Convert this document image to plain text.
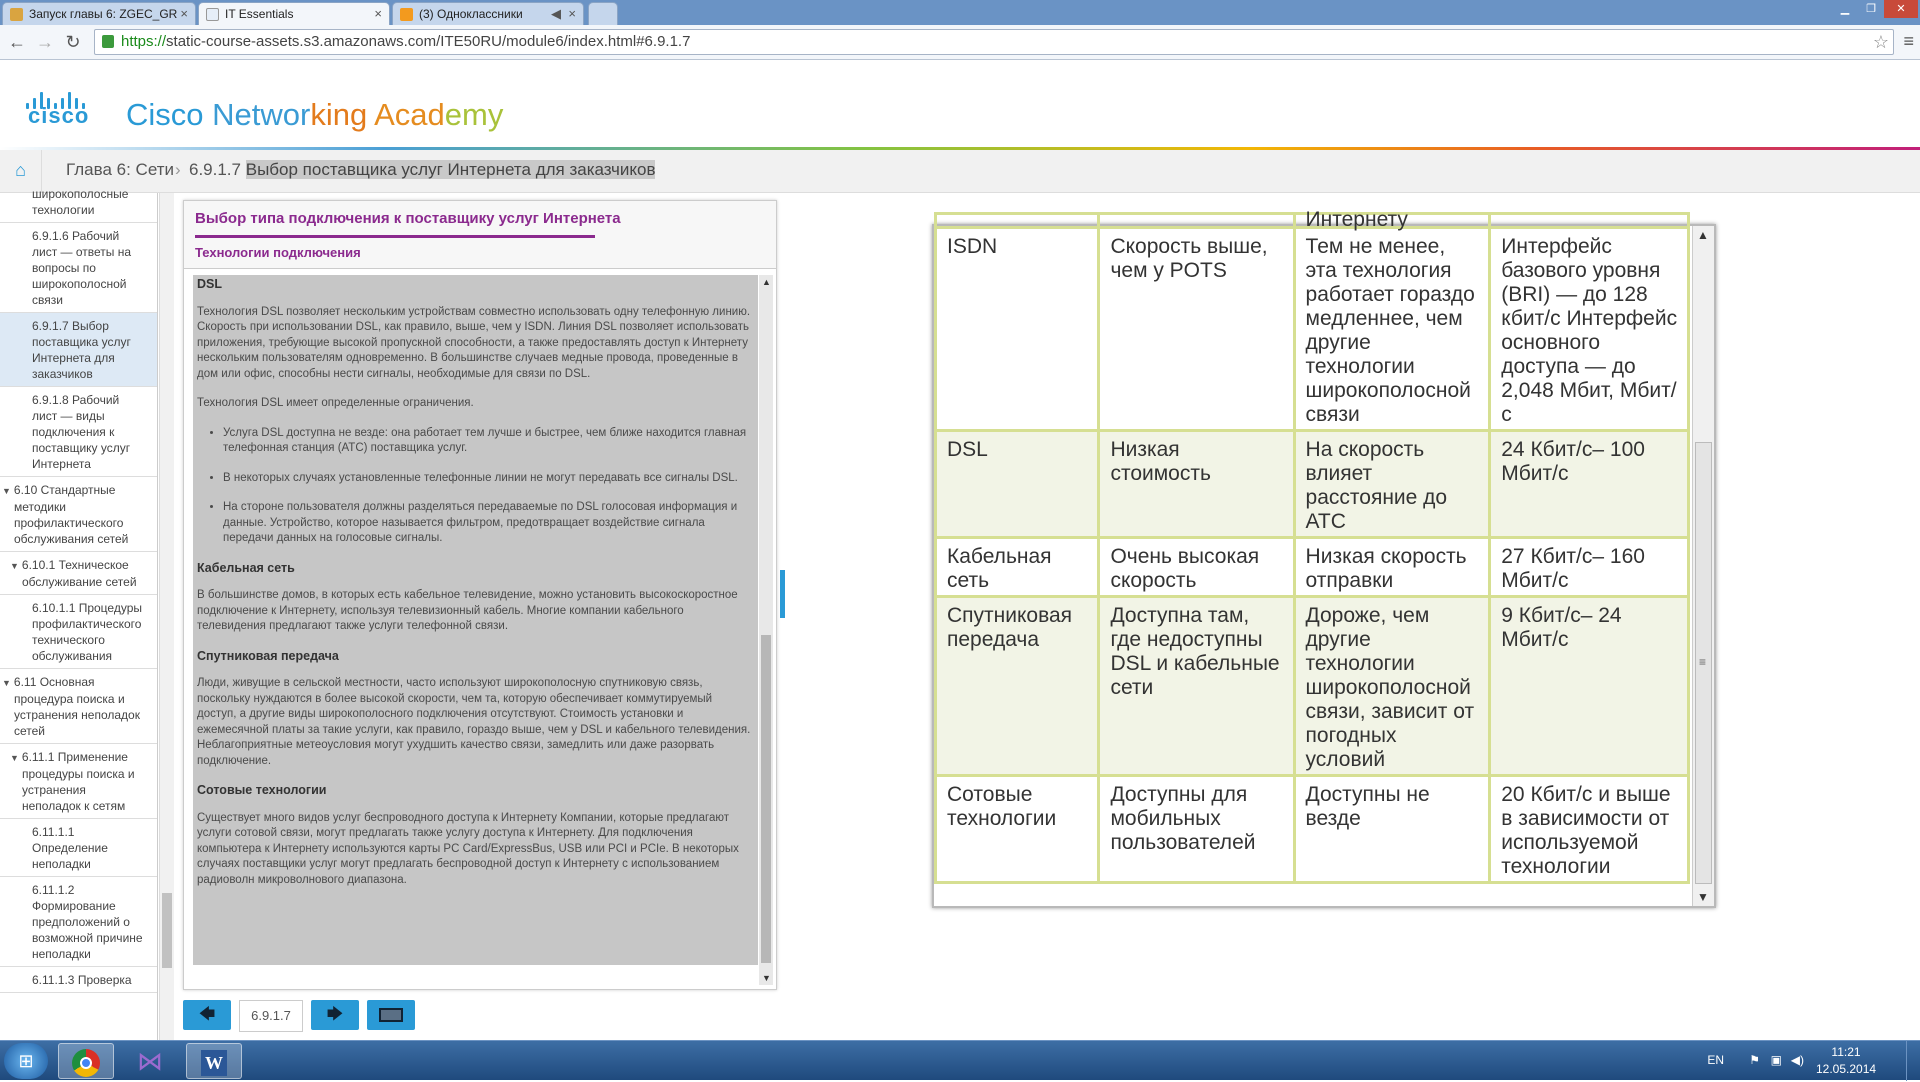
Запуск главы 6: ZGEC_GR ×	IT Essentials	×	(3) Одноклассники ◀ ×	▁	❐	✕
← → ↻	https://static-course-assets.s3.amazonaws.com/ITE50RU/module6/index.html#6.9.1.7	☆ ≡
cisco Cisco Networking Academy
⌂	Глава 6: Сети › 6.9.1.7 Выбор поставщика услуг Интернета для заказчиков
широкополосные технологии
6.9.1.6 Рабочий лист — ответы на вопросы по широкополосной связи
6.9.1.7 Выбор поставщика услуг Интернета для заказчиков
6.9.1.8 Рабочий лист — виды подключения к поставщику услуг Интернета
▼ 6.10 Стандартные методики профилактического обслуживания сетей
▼ 6.10.1 Техническое обслуживание сетей
6.10.1.1 Процедуры профилактического технического обслуживания
▼ 6.11 Основная процедура поиска и устранения неполадок сетей
▼ 6.11.1 Применение процедуры поиска и устранения неполадок к сетям
6.11.1.1 Определение неполадки
6.11.1.2 Формирование предположений о возможной причине неполадки
6.11.1.3 Проверка
Выбор типа подключения к поставщику услуг Интернета
Технологии подключения
DSL

Технология DSL позволяет нескольким устройствам совместно использовать одну телефонную линию. Скорость при использовании DSL, как правило, выше, чем у ISDN. Линия DSL позволяет использовать приложения, требующие высокой пропускной способности, а также предоставлять доступ к Интернету нескольким пользователям одновременно. В большинстве случаев медные провода, проведенные в дом или офис, способны нести сигналы, необходимые для связи по DSL.

Технология DSL имеет определенные ограничения.

• Услуга DSL доступна не везде: она работает тем лучше и быстрее, чем ближе находится главная телефонная станция (АТС) поставщика услуг.
• В некоторых случаях установленные телефонные линии не могут передавать все сигналы DSL.
• На стороне пользователя должны разделяться передаваемые по DSL голосовая информация и данные. Устройство, которое называется фильтром, предотвращает воздействие сигнала передачи данных на голосовые сигналы.
Кабельная сеть

В большинстве домов, в которых есть кабельное телевидение, можно установить высокоскоростное подключение к Интернету, используя телевизионный кабель. Многие компании кабельного телевидения предлагают также услуги телефонной связи.

Спутниковая передача

Люди, живущие в сельской местности, часто используют широкополосную спутниковую связь, поскольку нуждаются в более высокой скорости, чем та, которую обеспечивает коммутируемый доступ, а другие виды широкополосного подключения отсутствуют. Стоимость установки и ежемесячной платы за такие услуги, как правило, гораздо выше, чем у DSL и кабельного телевидения. Неблагоприятные метеоусловия могут ухудшить качество связи, замедлить или даже разорвать подключение.

Сотовые технологии

Существует много видов услуг беспроводного доступа к Интернету Компании, которые предлагают услуги сотовой связи, могут предлагать также услугу доступа к Интернету. Для подключения компьютера к Интернету используются карты PC Card/ExpressBus, USB или PCI и PCIe. В некоторых случаях поставщики услуг могут предлагать беспроводной доступ к Интернету с использованием радиоволн микроволнового диапазона.

▲
▼
🡄	6.9.1.7	🡆
		Интернету	
ISDN	Скорость выше, чем у POTS	Тем не менее, эта технология работает гораздо медленнее, чем другие технологии широкополосной связи	Интерфейс базового уровня (BRI) — до 128 кбит/с Интерфейс основного доступа — до 2,048 Мбит, Мбит/с
DSL	Низкая стоимость	На скорость влияет расстояние до АТС	24 Кбит/с– 100 Мбит/с
Кабельная сеть	Очень высокая скорость	Низкая скорость отправки	27 Кбит/с– 160 Мбит/с
Спутниковая передача	Доступна там, где недоступны DSL и кабельные сети	Дороже, чем другие технологии широкополосной связи, зависит от погодных условий	9 Кбит/с– 24 Мбит/с
Сотовые технологии	Доступны для мобильных пользователей	Доступны не везде	20 Кбит/с и выше в зависимости от используемой технологии
▲
≡
▼
⊞	⋈	W	EN ⚑ ▣ ◀)
11:21
12.05.2014
